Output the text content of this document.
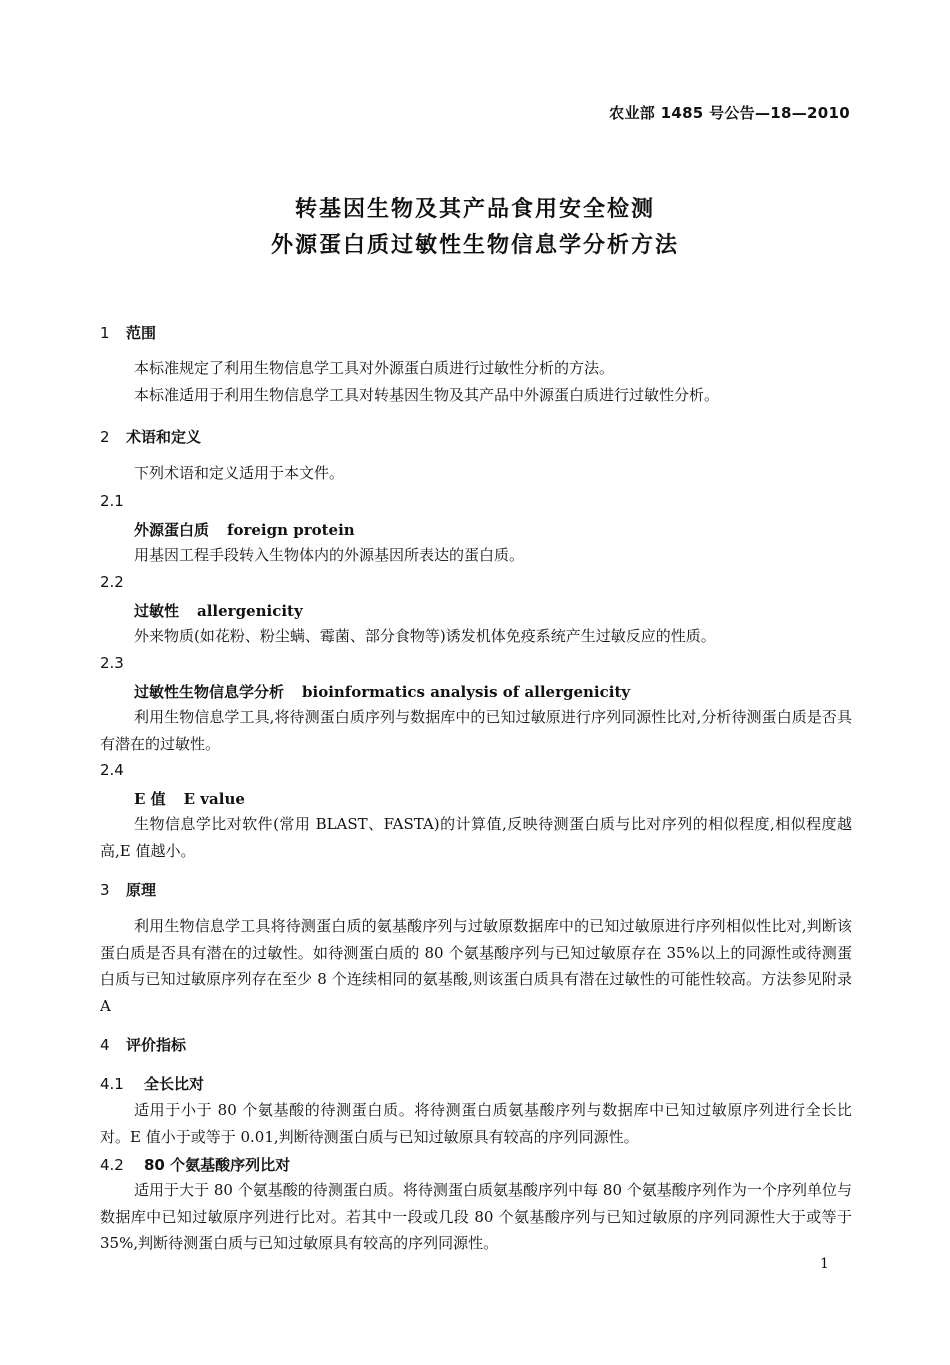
农业部 1485 号公告—18—2010
转基因生物及其产品食用安全检测
外源蛋白质过敏性生物信息学分析方法
1 范围
本标准规定了利用生物信息学工具对外源蛋白质进行过敏性分析的方法。
本标准适用于利用生物信息学工具对转基因生物及其产品中外源蛋白质进行过敏性分析。
2 术语和定义
下列术语和定义适用于本文件。
2.1
外源蛋白质 foreign protein
用基因工程手段转入生物体内的外源基因所表达的蛋白质。
2.2
过敏性 allergenicity
外来物质(如花粉、粉尘螨、霉菌、部分食物等)诱发机体免疫系统产生过敏反应的性质。
2.3
过敏性生物信息学分析 bioinformatics analysis of allergenicity
利用生物信息学工具,将待测蛋白质序列与数据库中的已知过敏原进行序列同源性比对,分析待测蛋白质是否具有潜在的过敏性。
2.4
E 值 E value
生物信息学比对软件(常用 BLAST、FASTA)的计算值,反映待测蛋白质与比对序列的相似程度,相似程度越高,E 值越小。
3 原理
利用生物信息学工具将待测蛋白质的氨基酸序列与过敏原数据库中的已知过敏原进行序列相似性比对,判断该蛋白质是否具有潜在的过敏性。如待测蛋白质的 80 个氨基酸序列与已知过敏原存在 35%以上的同源性或待测蛋白质与已知过敏原序列存在至少 8 个连续相同的氨基酸,则该蛋白质具有潜在过敏性的可能性较高。方法参见附录 A
4 评价指标
4.1 全长比对
适用于小于 80 个氨基酸的待测蛋白质。将待测蛋白质氨基酸序列与数据库中已知过敏原序列进行全长比对。E 值小于或等于 0.01,判断待测蛋白质与已知过敏原具有较高的序列同源性。
4.2 80 个氨基酸序列比对
适用于大于 80 个氨基酸的待测蛋白质。将待测蛋白质氨基酸序列中每 80 个氨基酸序列作为一个序列单位与数据库中已知过敏原序列进行比对。若其中一段或几段 80 个氨基酸序列与已知过敏原的序列同源性大于或等于 35%,判断待测蛋白质与已知过敏原具有较高的序列同源性。
1
